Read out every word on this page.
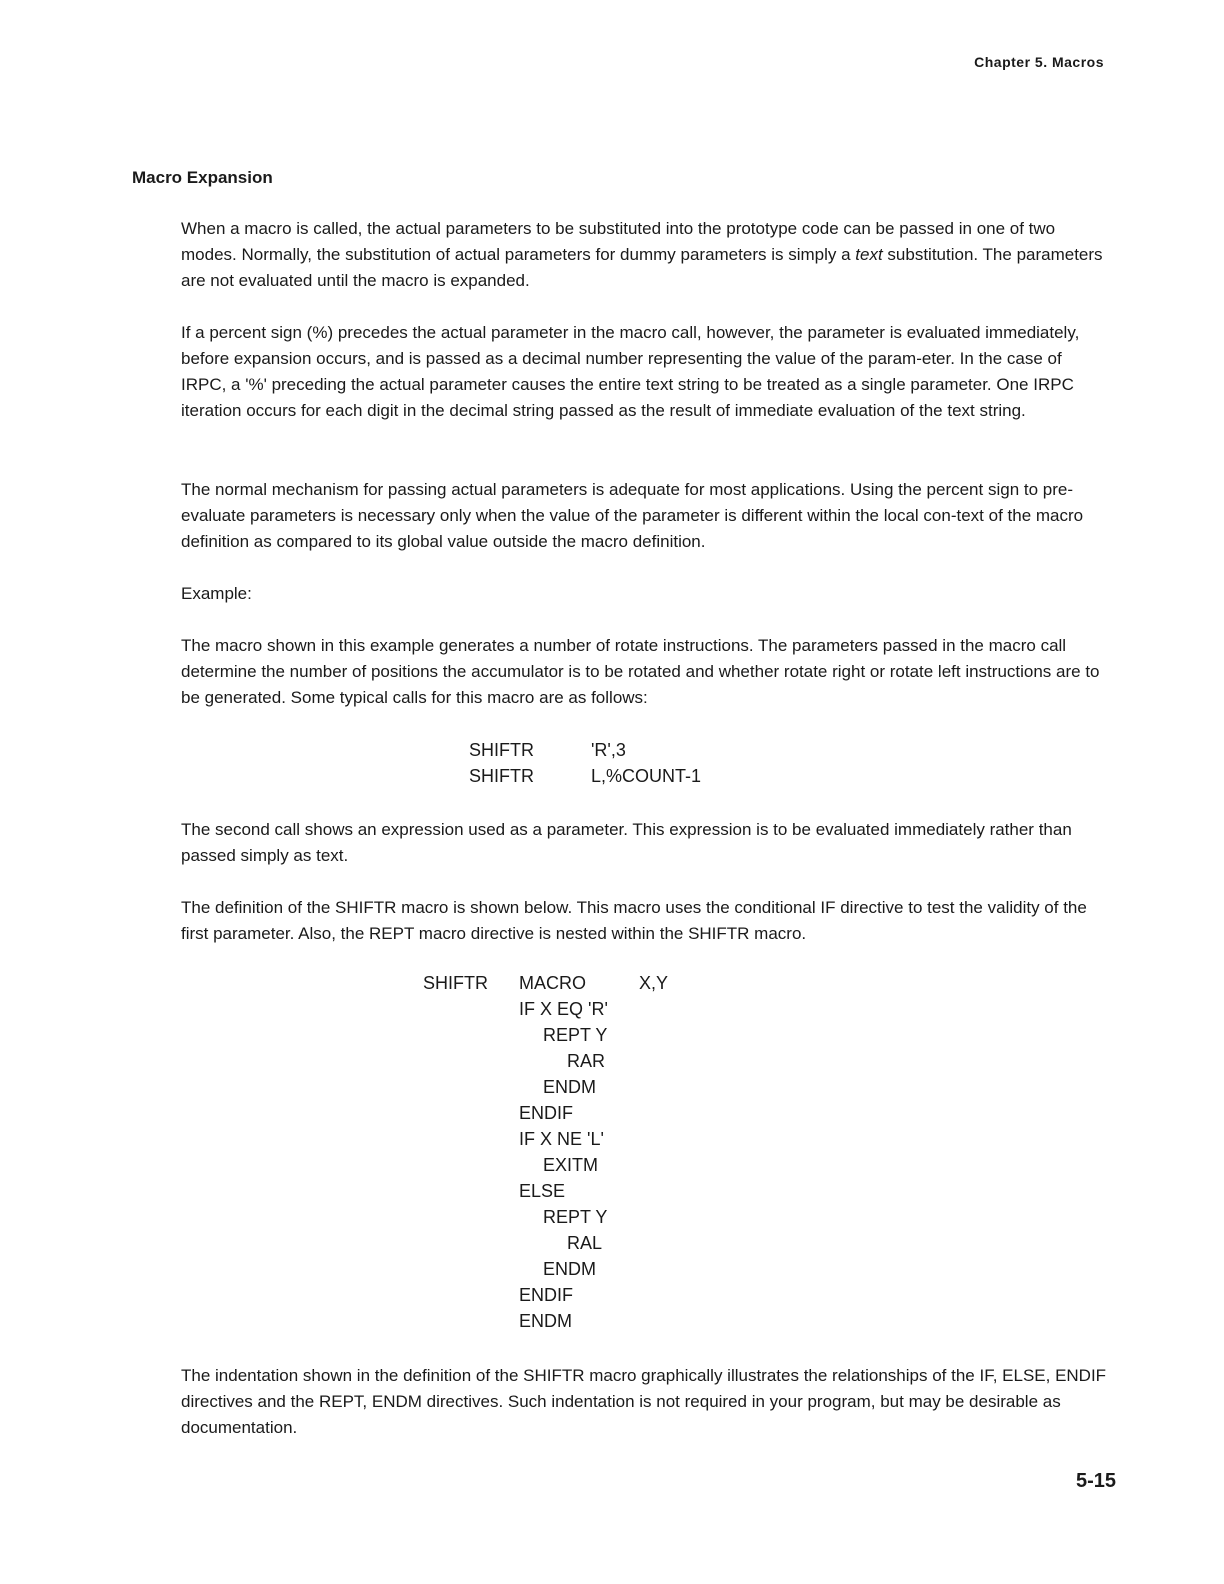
Chapter 5. Macros
Macro Expansion

When a macro is called, the actual parameters to be substituted into the prototype code can be passed in one of two modes. Normally, the substitution of actual parameters for dummy parameters is simply a text substitution. The parameters are not evaluated until the macro is expanded.

If a percent sign (%) precedes the actual parameter in the macro call, however, the parameter is evaluated immediately, before expansion occurs, and is passed as a decimal number representing the value of the param-eter. In the case of IRPC, a '%' preceding the actual parameter causes the entire text string to be treated as a single parameter. One IRPC iteration occurs for each digit in the decimal string passed as the result of immediate evaluation of the text string.
The normal mechanism for passing actual parameters is adequate for most applications. Using the percent sign to pre-evaluate parameters is necessary only when the value of the parameter is different within the local con-text of the macro definition as compared to its global value outside the macro definition.
Example:
The macro shown in this example generates a number of rotate instructions. The parameters passed in the macro call determine the number of positions the accumulator is to be rotated and whether rotate right or rotate left instructions are to be generated. Some typical calls for this macro are as follows:
SHIFTR	'R',3
SHIFTR	L,%COUNT-1
The second call shows an expression used as a parameter. This expression is to be evaluated immediately rather than passed simply as text.
The definition of the SHIFTR macro is shown below. This macro uses the conditional IF directive to test the validity of the first parameter. Also, the REPT macro directive is nested within the SHIFTR macro.
SHIFTR MACRO	X,Y
IF X EQ 'R'
REPT Y
RAR
ENDM
ENDIF
IF X NE 'L'
EXITM
ELSE
REPT Y
RAL
ENDM
ENDIF
ENDM
The indentation shown in the definition of the SHIFTR macro graphically illustrates the relationships of the IF, ELSE, ENDIF directives and the REPT, ENDM directives. Such indentation is not required in your program, but may be desirable as documentation.
5-15
